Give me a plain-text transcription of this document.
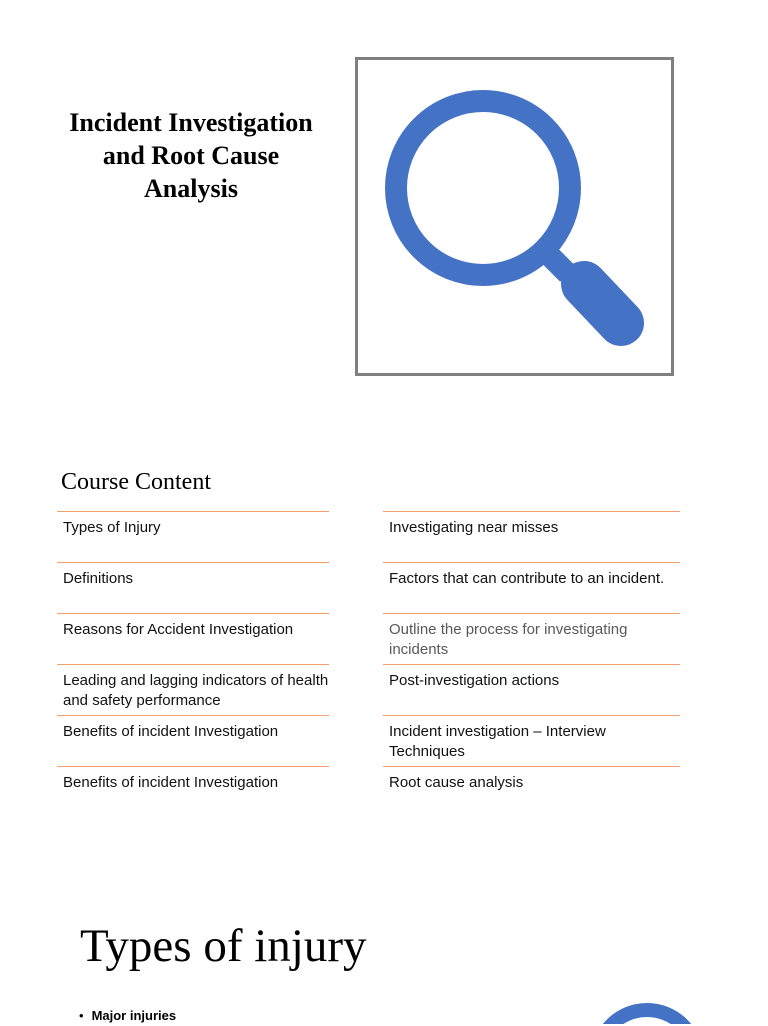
Incident Investigation and Root Cause Analysis
Course Content
Types of Injury
Definitions
Reasons for Accident Investigation
Leading and lagging indicators of health and safety performance
Benefits of incident Investigation
Benefits of incident Investigation
Investigating near misses
Factors that can contribute to an incident.
Outline the process for investigating incidents
Post-investigation actions
Incident investigation – Interview Techniques
Root cause analysis
Types of injury
• Major injuries
